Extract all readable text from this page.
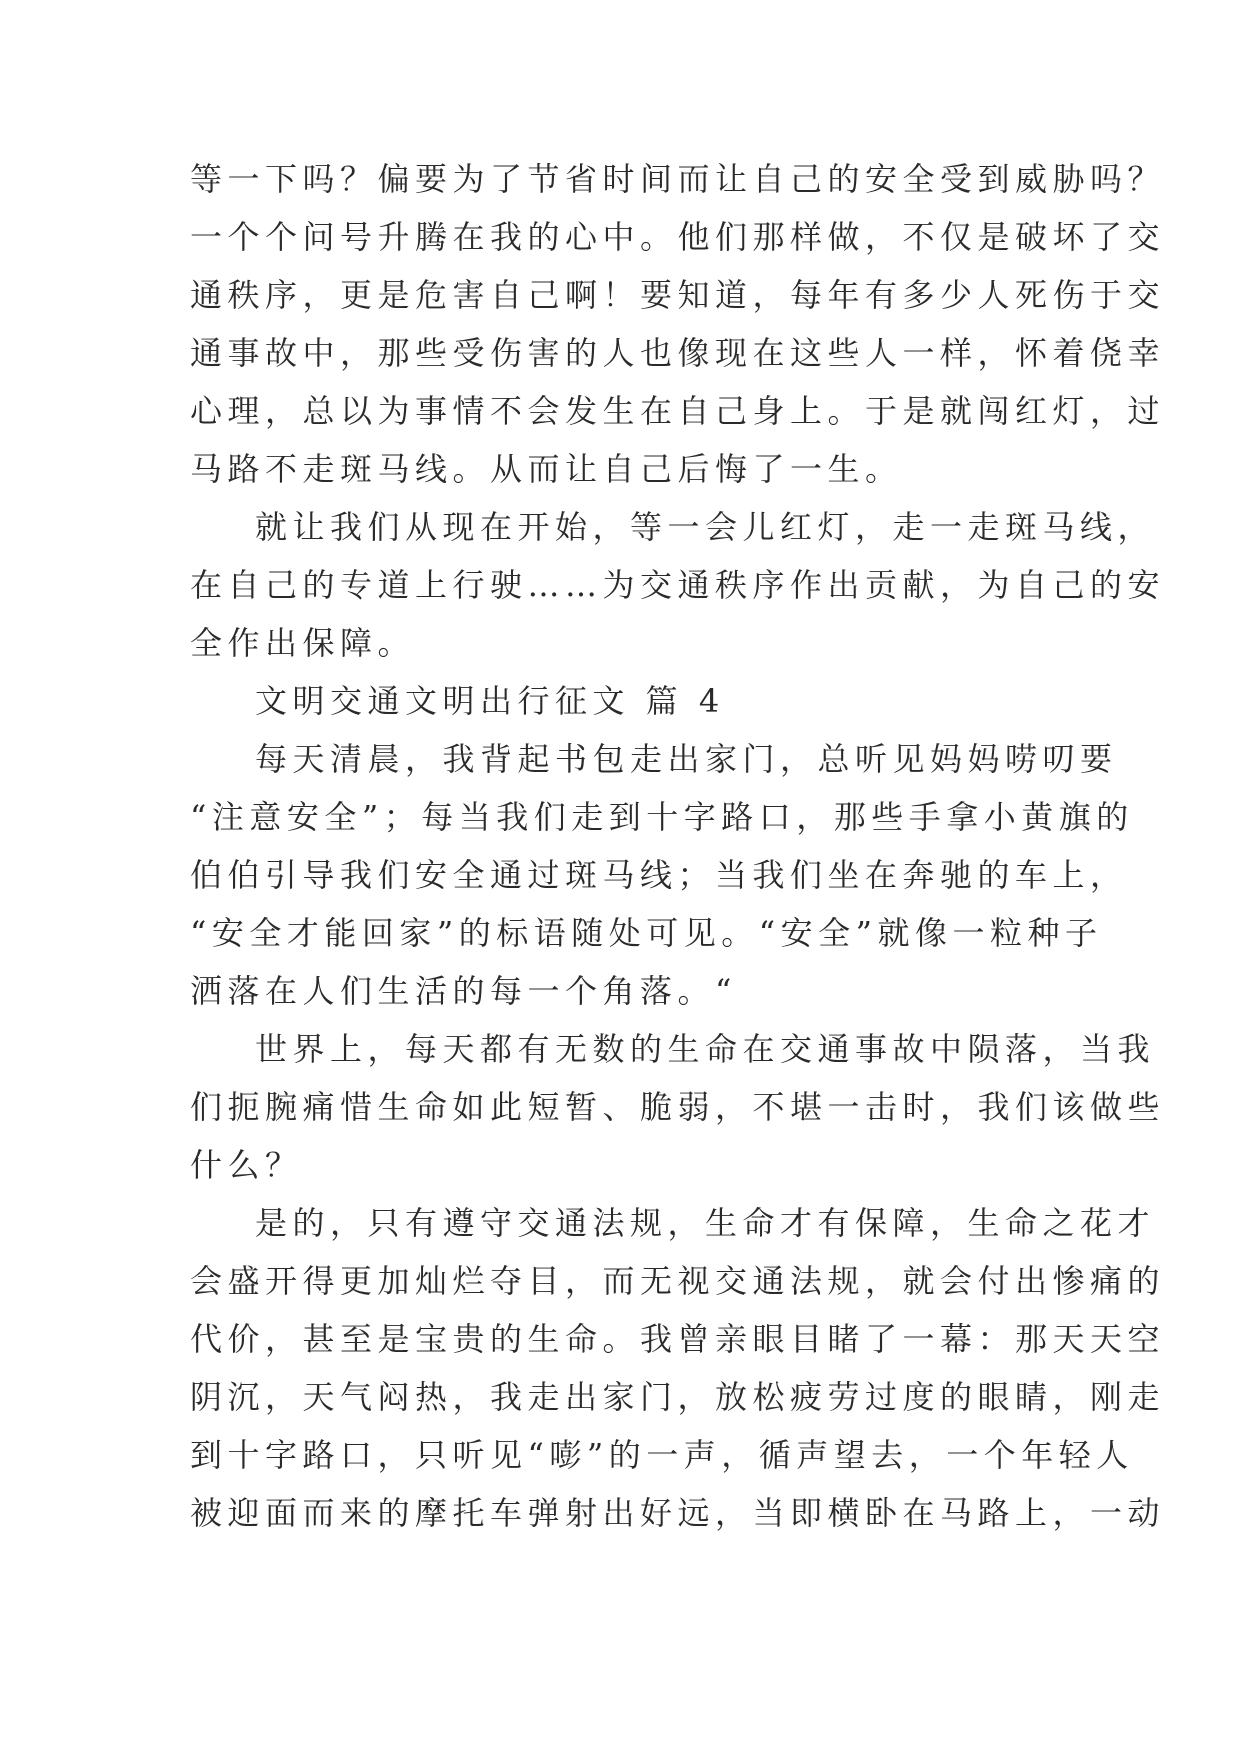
等一下吗？偏要为了节省时间而让自己的安全受到威胁吗？
一个个问号升腾在我的心中。他们那样做，不仅是破坏了交
通秩序，更是危害自己啊！要知道，每年有多少人死伤于交
通事故中，那些受伤害的人也像现在这些人一样，怀着侥幸
心理，总以为事情不会发生在自己身上。于是就闯红灯，过
马路不走斑马线。从而让自己后悔了一生。
就让我们从现在开始，等一会儿红灯，走一走斑马线，
在自己的专道上行驶……为交通秩序作出贡献，为自己的安
全作出保障。
文明交通文明出行征文 篇 4
每天清晨，我背起书包走出家门，总听见妈妈唠叨要
“注意安全”；每当我们走到十字路口，那些手拿小黄旗的
伯伯引导我们安全通过斑马线；当我们坐在奔驰的车上，
“安全才能回家”的标语随处可见。“安全”就像一粒种子
洒落在人们生活的每一个角落。“
世界上，每天都有无数的生命在交通事故中陨落，当我
们扼腕痛惜生命如此短暂、脆弱，不堪一击时，我们该做些
什么？
是的，只有遵守交通法规，生命才有保障，生命之花才
会盛开得更加灿烂夺目，而无视交通法规，就会付出惨痛的
代价，甚至是宝贵的生命。我曾亲眼目睹了一幕：那天天空
阴沉，天气闷热，我走出家门，放松疲劳过度的眼睛，刚走
到十字路口，只听见“嘭”的一声，循声望去，一个年轻人
被迎面而来的摩托车弹射出好远，当即横卧在马路上，一动
